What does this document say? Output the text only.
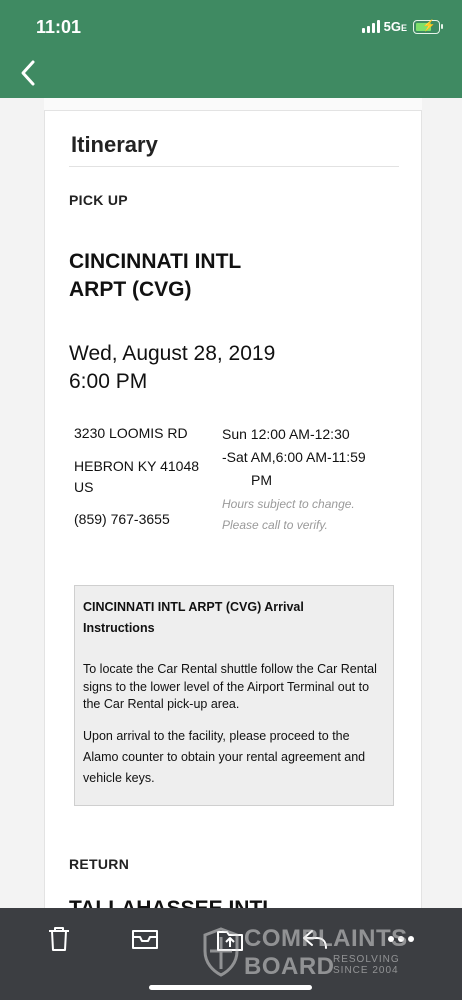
11:01	5GE ⚡
Itinerary
PICK UP
CINCINNATI INTL
ARPT (CVG)
Wed, August 28, 2019
6:00 PM
3230 LOOMIS RD
HEBRON KY 41048
US
(859) 767-3655
Sun 12:00 AM-12:30
-Sat AM,6:00 AM-11:59
PM
Hours subject to change.
Please call to verify.
CINCINNATI INTL ARPT (CVG) Arrival
Instructions
To locate the Car Rental shuttle follow the Car Rental signs to the lower level of the Airport Terminal out to the Car Rental pick-up area.
Upon arrival to the facility, please proceed to the Alamo counter to obtain your rental agreement and vehicle keys.
RETURN
COMPLAINTS
BOARD
RESOLVING
SINCE 2004
